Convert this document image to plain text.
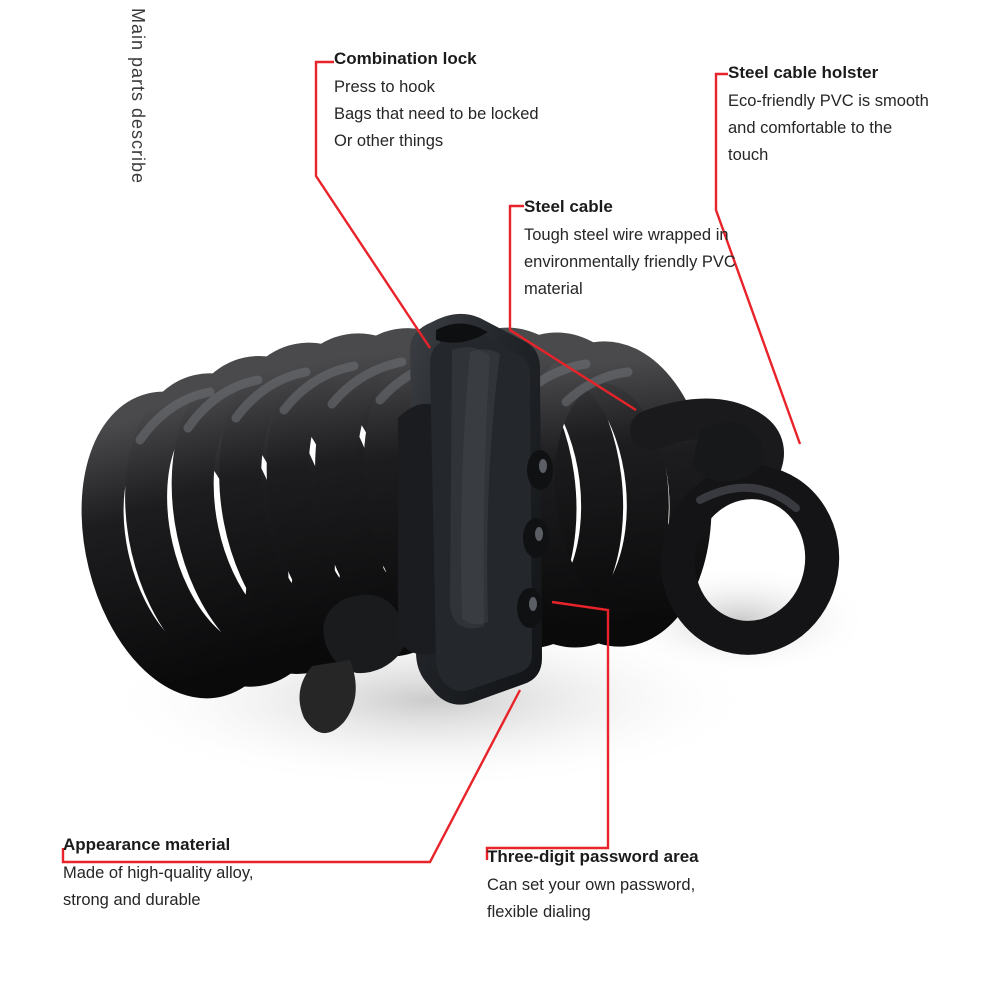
Main parts describe	Combination lock
Press to hook
Bags that need to be locked
Or other things
Steel cable holster
Eco-friendly PVC is smooth
and comfortable to the
touch
Steel cable
Tough steel wire wrapped in
environmentally friendly PVC
material
Appearance material
Made of high-quality alloy,
strong and durable
Three-digit password area
Can set your own password,
flexible dialing
